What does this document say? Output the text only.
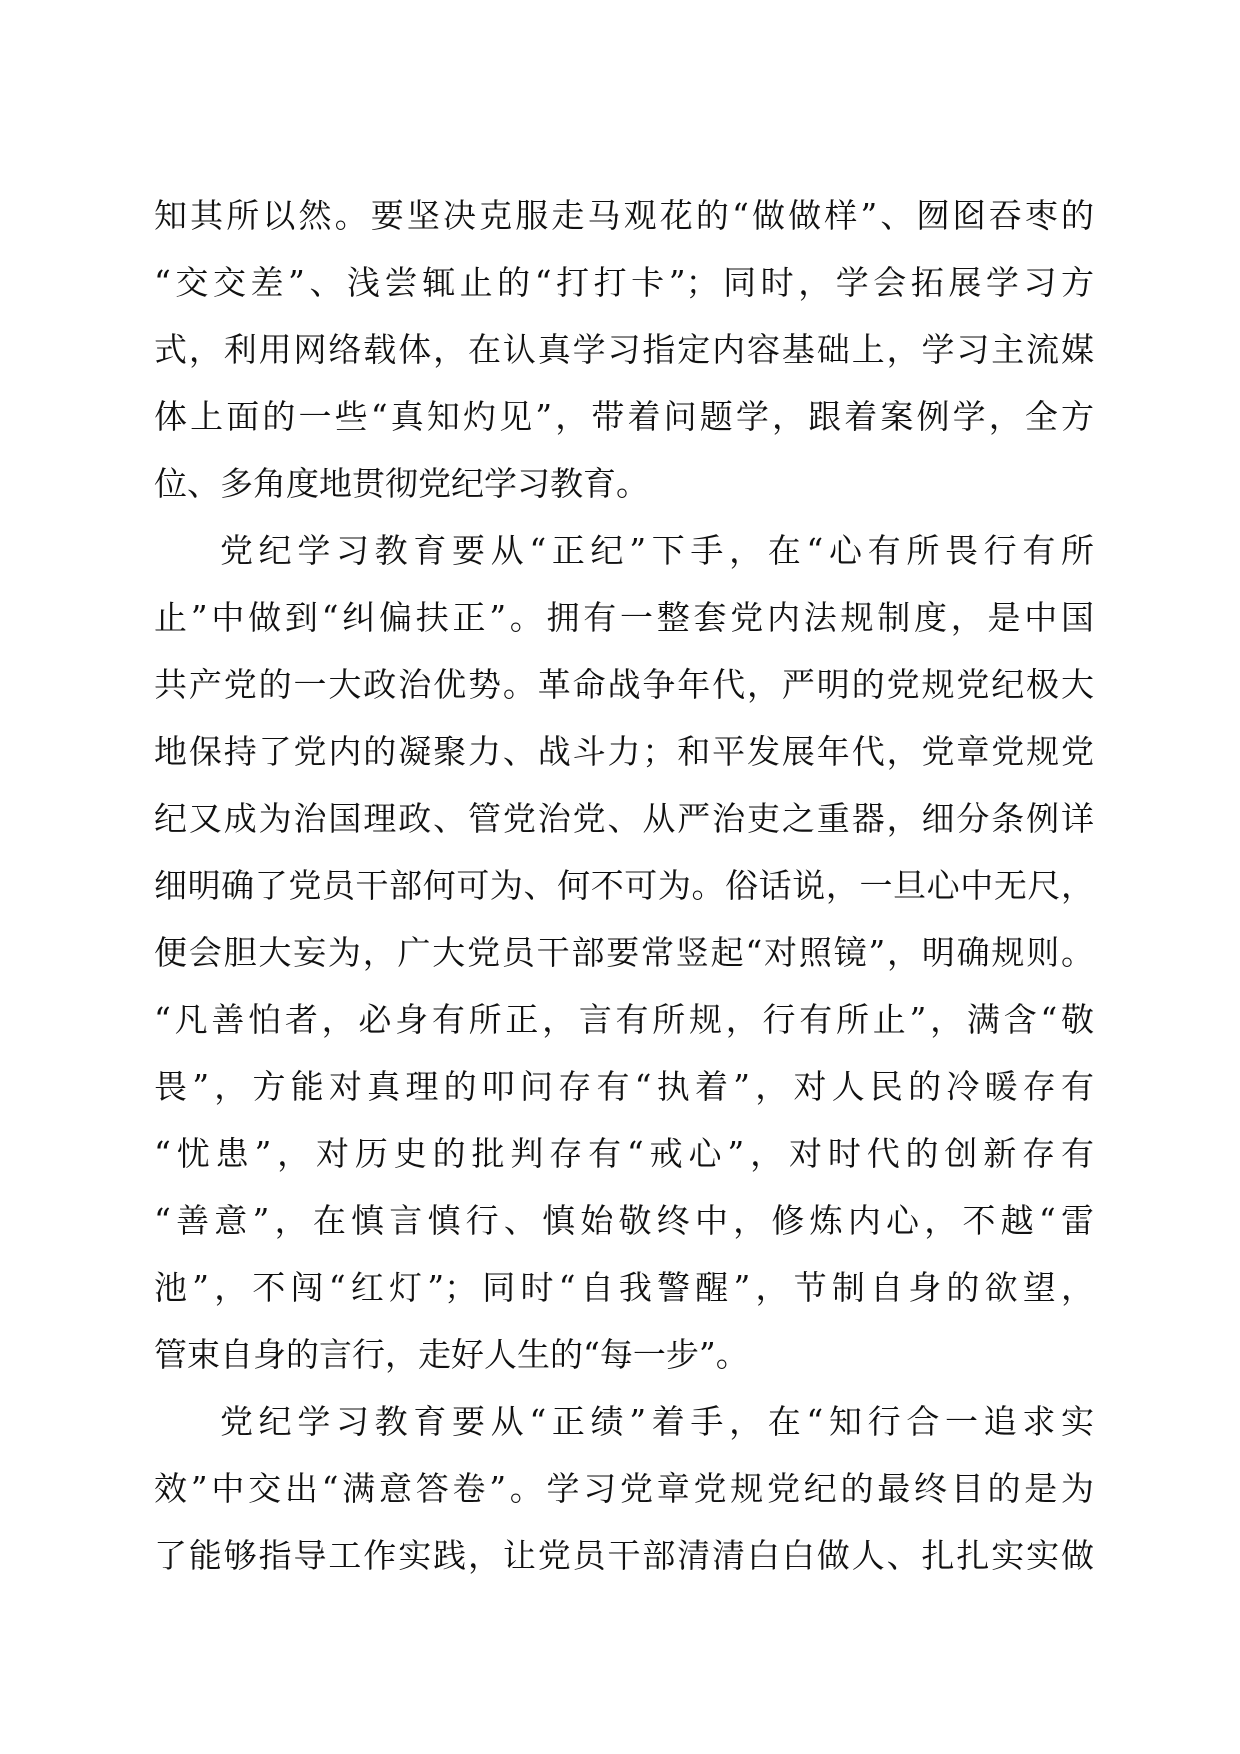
知其所以然。要坚决克服走马观花的“做做样”、囫囵吞枣的
“交交差”、浅尝辄止的“打打卡”；同时，学会拓展学习方
式，利用网络载体，在认真学习指定内容基础上，学习主流媒
体上面的一些“真知灼见”，带着问题学，跟着案例学，全方
位、多角度地贯彻党纪学习教育。
党纪学习教育要从“正纪”下手，在“心有所畏行有所
止”中做到“纠偏扶正”。拥有一整套党内法规制度，是中国
共产党的一大政治优势。革命战争年代，严明的党规党纪极大
地保持了党内的凝聚力、战斗力；和平发展年代，党章党规党
纪又成为治国理政、管党治党、从严治吏之重器，细分条例详
细明确了党员干部何可为、何不可为。俗话说，一旦心中无尺，
便会胆大妄为，广大党员干部要常竖起“对照镜”，明确规则。
“凡善怕者，必身有所正，言有所规，行有所止”，满含“敬
畏”，方能对真理的叩问存有“执着”，对人民的冷暖存有
“忧患”，对历史的批判存有“戒心”，对时代的创新存有
“善意”，在慎言慎行、慎始敬终中，修炼内心，不越“雷
池”，不闯“红灯”；同时“自我警醒”，节制自身的欲望，
管束自身的言行，走好人生的“每一步”。
党纪学习教育要从“正绩”着手，在“知行合一追求实
效”中交出“满意答卷”。学习党章党规党纪的最终目的是为
了能够指导工作实践，让党员干部清清白白做人、扎扎实实做
